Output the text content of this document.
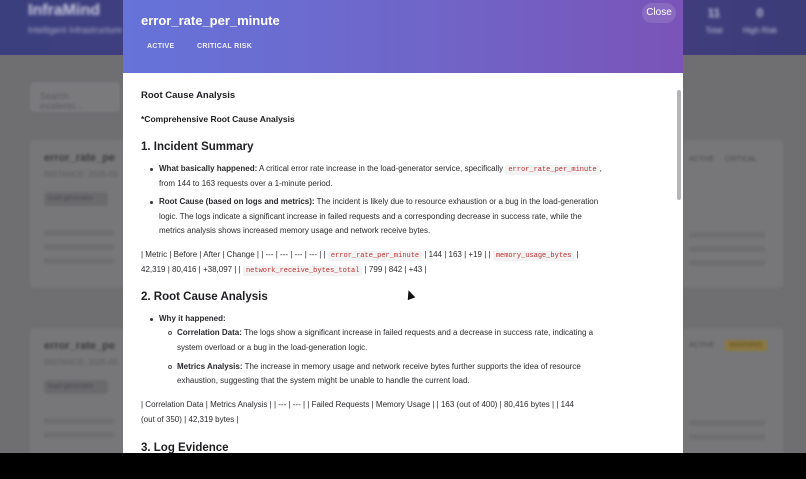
InfraMind
Intelligent Infrastructure
11
Total
0
High Risk
Search incidents...
error_rate_pe
INSTANCE: 2025-05
load-generator
error_rate_pe
INSTANCE: 2025-05
load-generator
ACTIVE CRITICAL
ACTIVE	WARNING
error_rate_per_minute
ACTIVE	CRITICAL RISK
Close
Root Cause Analysis
*Comprehensive Root Cause Analysis
1. Incident Summary
What basically happened: A critical error rate increase in the load-generator service, specifically error_rate_per_minute ,
from 144 to 163 requests over a 1-minute period.
Root Cause (based on logs and metrics): The incident is likely due to resource exhaustion or a bug in the load-generation
logic. The logs indicate a significant increase in failed requests and a corresponding decrease in success rate, while the
metrics analysis shows increased memory usage and network receive bytes.
| Metric | Before | After | Change | | --- | --- | --- | --- | | error_rate_per_minute | 144 | 163 | +19 | | memory_usage_bytes |
42,319 | 80,416 | +38,097 | | network_receive_bytes_total | 799 | 842 | +43 |
2. Root Cause Analysis
Why it happened:
Correlation Data: The logs show a significant increase in failed requests and a decrease in success rate, indicating a
system overload or a bug in the load-generation logic.
Metrics Analysis: The increase in memory usage and network receive bytes further supports the idea of resource
exhaustion, suggesting that the system might be unable to handle the current load.
| Correlation Data | Metrics Analysis | | --- | --- | | Failed Requests | Memory Usage | | 163 (out of 400) | 80,416 bytes | | 144
(out of 350) | 42,319 bytes |
3. Log Evidence
